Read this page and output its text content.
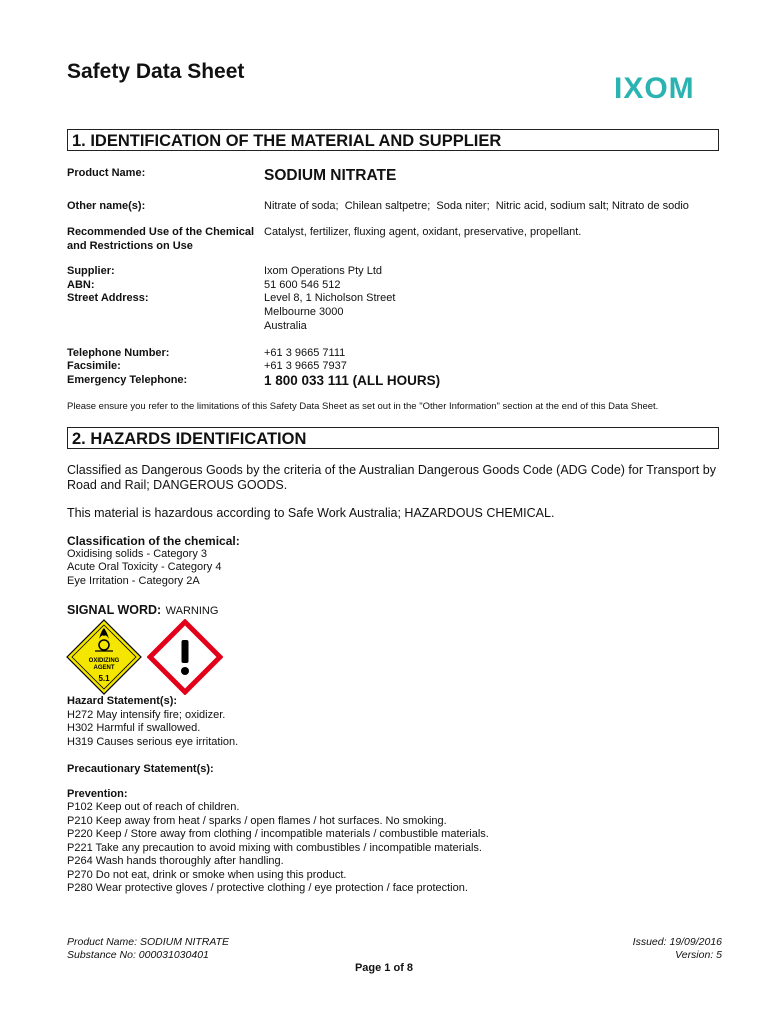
Safety Data Sheet
IXOM
1. IDENTIFICATION OF THE MATERIAL AND SUPPLIER
Product Name:	SODIUM NITRATE
Other name(s):	Nitrate of soda;  Chilean saltpetre;  Soda niter;  Nitric acid, sodium salt; Nitrato de sodio
Recommended Use of the Chemical
and Restrictions on Use
Catalyst, fertilizer, fluxing agent, oxidant, preservative, propellant.
Supplier:
ABN:
Street Address:
Ixom Operations Pty Ltd
51 600 546 512
Level 8, 1 Nicholson Street
Melbourne 3000
Australia
Telephone Number:
Facsimile:
Emergency Telephone:
+61 3 9665 7111
+61 3 9665 7937
1 800 033 111 (ALL HOURS)
Please ensure you refer to the limitations of this Safety Data Sheet as set out in the "Other Information" section at the end of this Data Sheet.
2. HAZARDS IDENTIFICATION
Classified as Dangerous Goods by the criteria of the Australian Dangerous Goods Code (ADG Code) for Transport by
Road and Rail; DANGEROUS GOODS.
This material is hazardous according to Safe Work Australia; HAZARDOUS CHEMICAL.
Classification of the chemical:
Oxidising solids - Category 3
Acute Oral Toxicity - Category 4
Eye Irritation - Category 2A
SIGNAL WORD: WARNING
OXIDIZING
AGENT
5.1
Hazard Statement(s):
H272 May intensify fire; oxidizer.
H302 Harmful if swallowed.
H319 Causes serious eye irritation.
Precautionary Statement(s):
Prevention:
P102 Keep out of reach of children.
P210 Keep away from heat / sparks / open flames / hot surfaces. No smoking.
P220 Keep / Store away from clothing / incompatible materials / combustible materials.
P221 Take any precaution to avoid mixing with combustibles / incompatible materials.
P264 Wash hands thoroughly after handling.
P270 Do not eat, drink or smoke when using this product.
P280 Wear protective gloves / protective clothing / eye protection / face protection.
Product Name: SODIUM NITRATE
Substance No: 000031030401
Issued: 19/09/2016
Version: 5
Page 1 of 8
